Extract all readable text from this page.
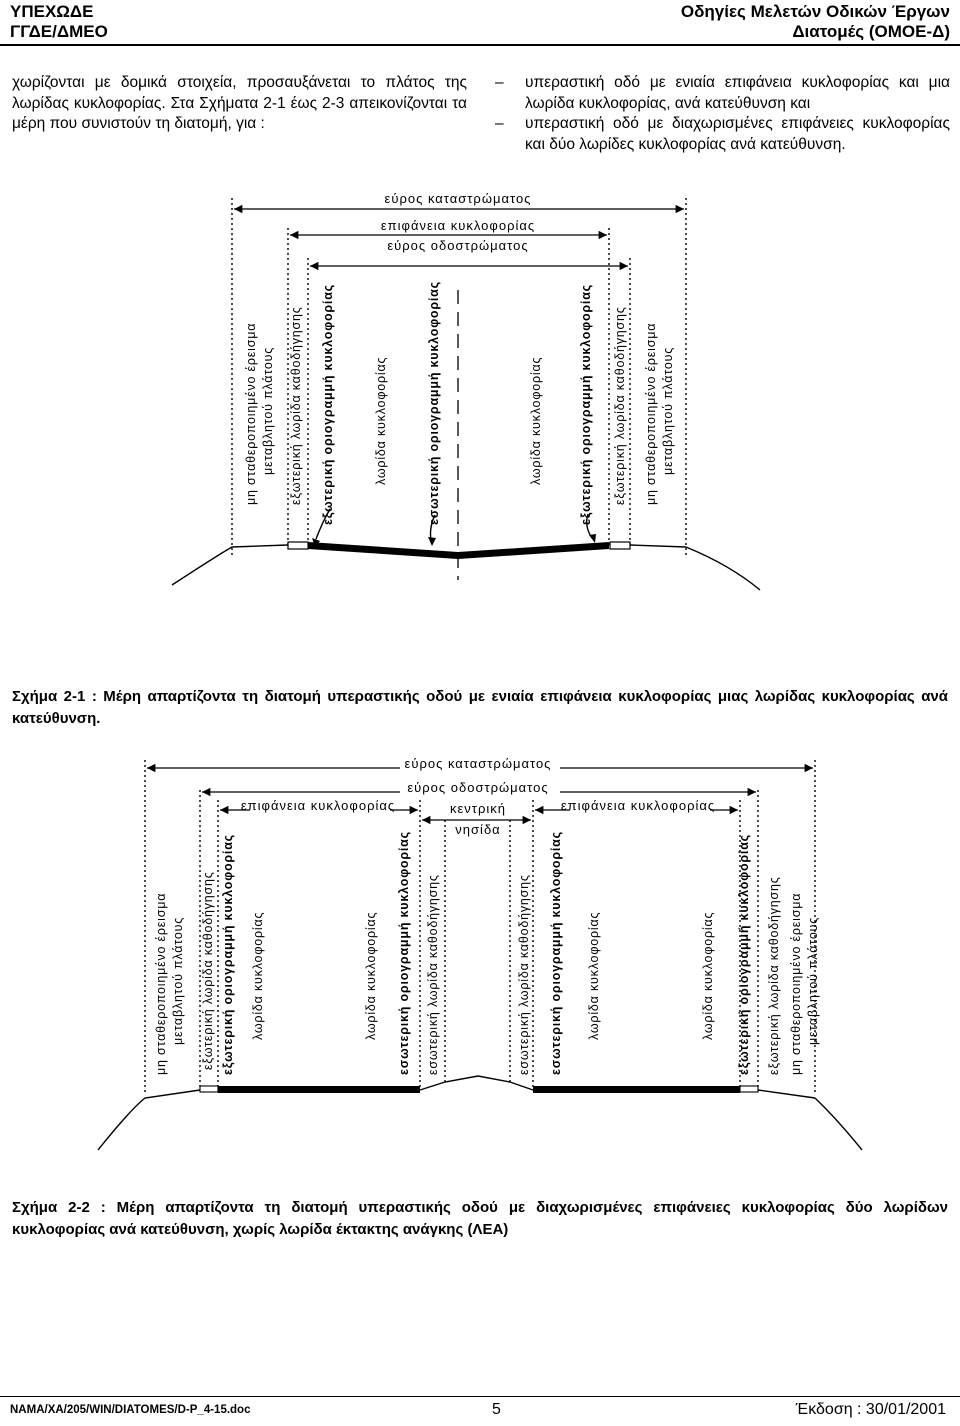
ΥΠΕΧΩΔΕ
ΓΓΔΕ/ΔΜΕΟ
Οδηγίες Μελετών Οδικών Έργων
Διατομές (ΟΜΟΕ-Δ)
χωρίζονται με δομικά στοιχεία, προσαυξάνεται το πλάτος της λωρίδας κυκλοφορίας. Στα Σχήματα 2-1 έως 2-3 απεικονίζονται τα μέρη που συνιστούν τη διατομή, για :
– υπεραστική οδό με ενιαία επιφάνεια κυκλοφορίας και μια λωρίδα κυκλοφορίας, ανά κατεύθυνση και
– υπεραστική οδό με διαχωρισμένες επιφάνειες κυκλοφορίας και δύο λωρίδες κυκλοφορίας ανά κατεύθυνση.
εύρος καταστρώματος
επιφάνεια κυκλοφορίας
εύρος οδοστρώματος
μη σταθεροποιημένο έρεισμα μεταβλητού πλάτους εξωτερική λωρίδα καθοδήγησης εξωτερική οριογραμμή κυκλοφορίας	λωρίδα κυκλοφορίας	εσωτερική οριογραμμή κυκλοφορίας	λωρίδα κυκλοφορίας	εξωτερική οριογραμμή κυκλοφορίας εξωτερική λωρίδα καθοδήγησης μη σταθεροποιημένο έρεισμα μεταβλητού πλάτους
Σχήμα 2-1 : Μέρη απαρτίζοντα τη διατομή υπεραστικής οδού με ενιαία επιφάνεια κυκλοφορίας μιας λωρίδας κυκλοφορίας ανά κατεύθυνση.
εύρος καταστρώματος
εύρος οδοστρώματος
επιφάνεια κυκλοφορίας	επιφάνεια κυκλοφορίας
κεντρική
νησίδα
μη σταθεροποιημένο έρεισμα μεταβλητού πλάτους εξωτερική λωρίδα καθοδήγησης εξωτερική οριογραμμή κυκλοφορίας λωρίδα κυκλοφορίας	λωρίδα κυκλοφορίας εσωτερική οριογραμμή κυκλοφορίας εσωτερική λωρίδα καθοδήγησης	εσωτερική λωρίδα καθοδήγησης εσωτερική οριογραμμή κυκλοφορίας λωρίδα κυκλοφορίας	λωρίδα κυκλοφορίας εξωτερική οριογραμμή κυκλοφορίας εξωτερική λωρίδα καθοδήγησης μη σταθεροποιημένο έρεισμα μεταβλητού πλάτους
Σχήμα 2-2 : Μέρη απαρτίζοντα τη διατομή υπεραστικής οδού με διαχωρισμένες επιφάνειες κυκλοφορίας δύο λωρίδων κυκλοφορίας ανά κατεύθυνση, χωρίς λωρίδα έκτακτης ανάγκης (ΛΕΑ)
NAMA/XA/205/WIN/DIATOMES/D-P_4-15.doc	5	Έκδοση : 30/01/2001
